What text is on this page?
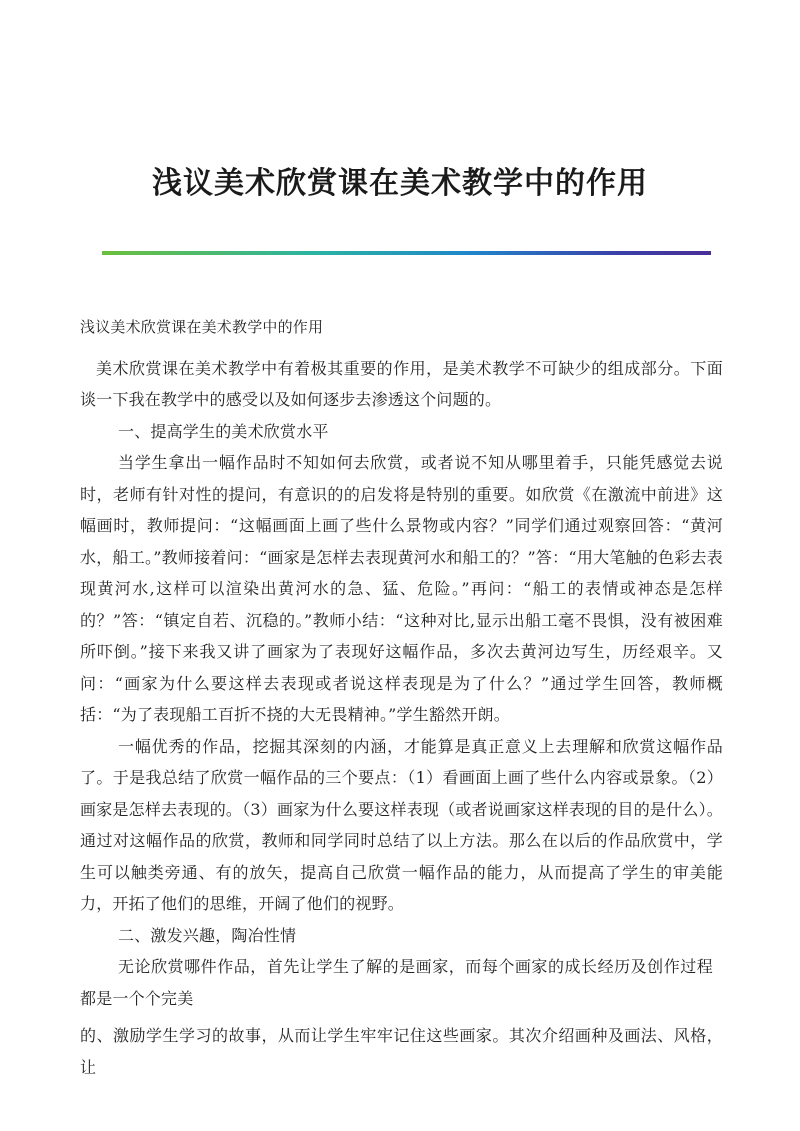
浅议美术欣赏课在美术教学中的作用

浅议美术欣赏课在美术教学中的作用

美术欣赏课在美术教学中有着极其重要的作用，是美术教学不可缺少的组成部分。下面谈一下我在教学中的感受以及如何逐步去渗透这个问题的。

一、提高学生的美术欣赏水平

当学生拿出一幅作品时不知如何去欣赏，或者说不知从哪里着手，只能凭感觉去说时，老师有针对性的提问，有意识的的启发将是特别的重要。如欣赏《在激流中前进》这幅画时，教师提问：“这幅画面上画了些什么景物或内容？”同学们通过观察回答：“黄河水，船工。”教师接着问：“画家是怎样去表现黄河水和船工的？”答：“用大笔触的色彩去表现黄河水,这样可以渲染出黄河水的急、猛、危险。”再问：“船工的表情或神态是怎样的？”答：“镇定自若、沉稳的。”教师小结：“这种对比,显示出船工毫不畏惧，没有被困难所吓倒。”接下来我又讲了画家为了表现好这幅作品，多次去黄河边写生，历经艰辛。又问：“画家为什么要这样去表现或者说这样表现是为了什么？”通过学生回答，教师概括：“为了表现船工百折不挠的大无畏精神。”学生豁然开朗。

一幅优秀的作品，挖掘其深刻的内涵，才能算是真正意义上去理解和欣赏这幅作品了。于是我总结了欣赏一幅作品的三个要点：（1）看画面上画了些什么内容或景象。（2）画家是怎样去表现的。（3）画家为什么要这样表现（或者说画家这样表现的目的是什么）。通过对这幅作品的欣赏，教师和同学同时总结了以上方法。那么在以后的作品欣赏中，学生可以触类旁通、有的放矢，提高自己欣赏一幅作品的能力，从而提高了学生的审美能力，开拓了他们的思维，开阔了他们的视野。

二、激发兴趣，陶冶性情

无论欣赏哪件作品，首先让学生了解的是画家，而每个画家的成长经历及创作过程都是一个个完美

的、激励学生学习的故事，从而让学生牢牢记住这些画家。其次介绍画种及画法、风格，让
